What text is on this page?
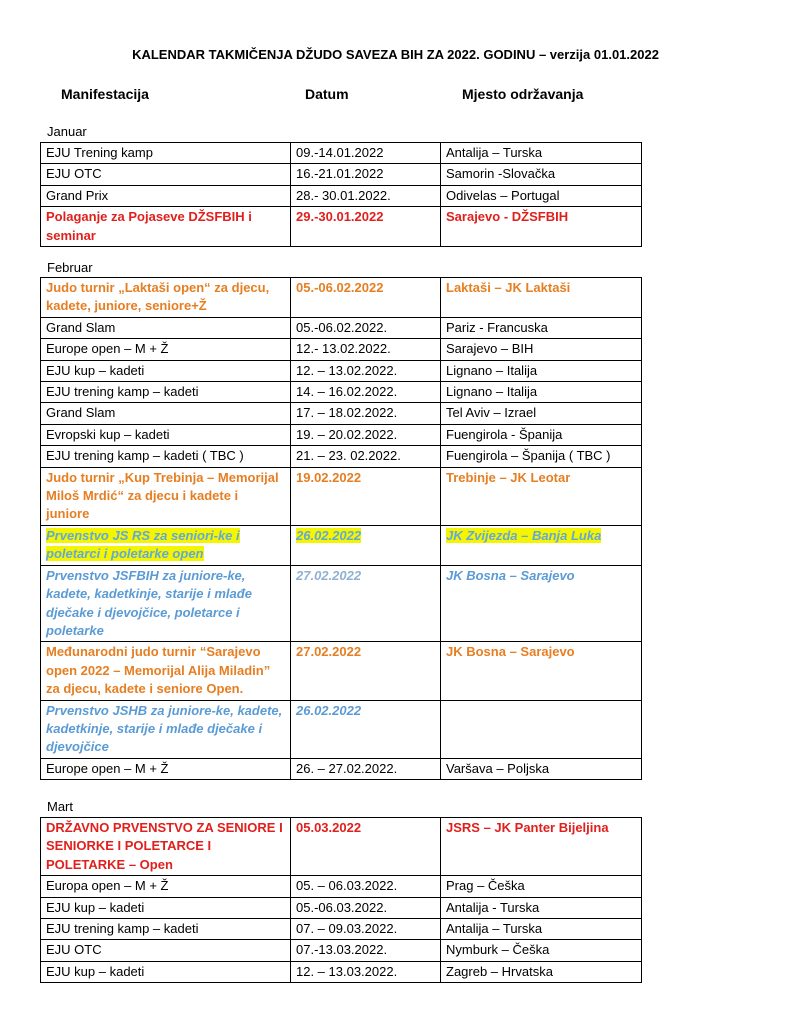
KALENDAR TAKMIČENJA DŽUDO SAVEZA BIH ZA 2022. GODINU – verzija 01.01.2022
Manifestacija	Datum	Mjesto održavanja
Januar
EJU Trening kamp	09.-14.01.2022	Antalija – Turska
EJU OTC	16.-21.01.2022	Samorin -Slovačka
Grand Prix	28.- 30.01.2022.	Odivelas – Portugal
Polaganje za Pojaseve DŽSFBIH i seminar	29.-30.01.2022	Sarajevo - DŽSFBIH
Februar
Judo turnir „Laktaši open“ za djecu, kadete, juniore, seniore+Ž	05.-06.02.2022	Laktaši – JK Laktaši
Grand Slam	05.-06.02.2022.	Pariz - Francuska
Europe open – M + Ž	12.- 13.02.2022.	Sarajevo – BIH
EJU kup – kadeti	12. – 13.02.2022.	Lignano – Italija
EJU trening kamp – kadeti	14. – 16.02.2022.	Lignano – Italija
Grand Slam	17. – 18.02.2022.	Tel Aviv – Izrael
Evropski kup – kadeti	19. – 20.02.2022.	Fuengirola - Španija
EJU trening kamp – kadeti ( TBC )	21. – 23. 02.2022.	Fuengirola – Španija ( TBC )
Judo turnir „Kup Trebinja – Memorijal Miloš Mrdić“ za djecu i kadete i juniore	19.02.2022	Trebinje – JK Leotar
Prvenstvo JS RS za seniori-ke i poletarci i poletarke open	26.02.2022	JK Zvijezda – Banja Luka
Prvenstvo JSFBIH za juniore-ke, kadete, kadetkinje, starije i mlađe dječake i djevojčice, poletarce i poletarke	27.02.2022	JK Bosna – Sarajevo
Međunarodni judo turnir “Sarajevo open 2022 – Memorijal Alija Miladin” za djecu, kadete i seniore Open.	27.02.2022	JK Bosna – Sarajevo
Prvenstvo JSHB za juniore-ke, kadete, kadetkinje, starije i mlađe dječake i djevojčice	26.02.2022	
Europe open – M + Ž	26. – 27.02.2022.	Varšava – Poljska
Mart
DRŽAVNO PRVENSTVO ZA SENIORE I SENIORKE I POLETARCE I POLETARKE – Open	05.03.2022	JSRS – JK Panter Bijeljina
Europa open – M + Ž	05. – 06.03.2022.	Prag – Češka
EJU kup – kadeti	05.-06.03.2022.	Antalija - Turska
EJU trening kamp – kadeti	07. – 09.03.2022.	Antalija – Turska
EJU OTC	07.-13.03.2022.	Nymburk – Češka
EJU kup – kadeti	12. – 13.03.2022.	Zagreb – Hrvatska
